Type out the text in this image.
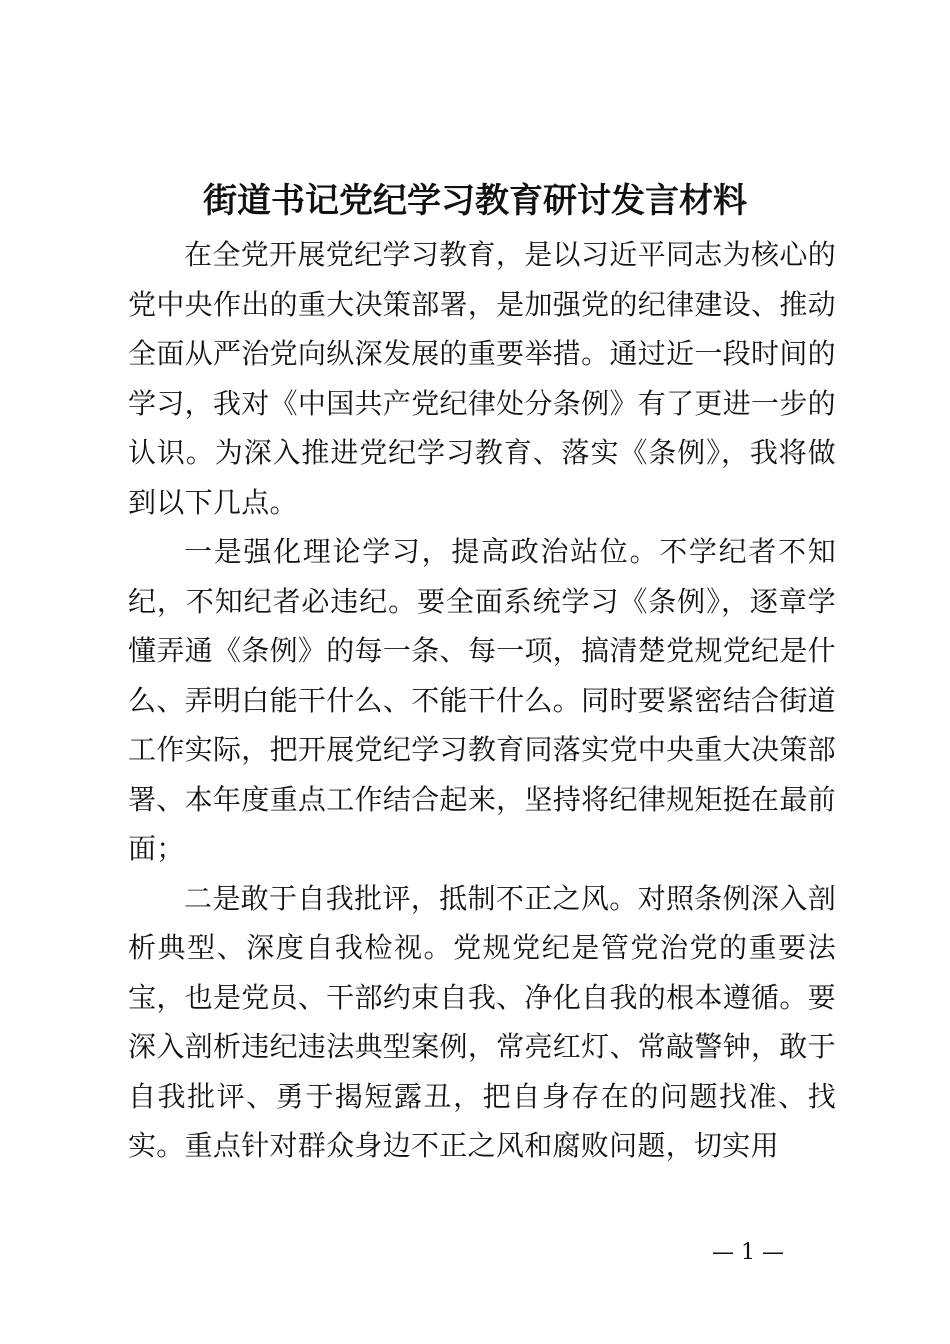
街道书记党纪学习教育研讨发言材料

在全党开展党纪学习教育，是以习近平同志为核心的党中央作出的重大决策部署，是加强党的纪律建设、推动全面从严治党向纵深发展的重要举措。通过近一段时间的学习，我对《中国共产党纪律处分条例》有了更进一步的认识。为深入推进党纪学习教育、落实《条例》，我将做到以下几点。

一是强化理论学习，提高政治站位。不学纪者不知纪，不知纪者必违纪。要全面系统学习《条例》，逐章学懂弄通《条例》的每一条、每一项，搞清楚党规党纪是什么、弄明白能干什么、不能干什么。同时要紧密结合街道工作实际，把开展党纪学习教育同落实党中央重大决策部署、本年度重点工作结合起来，坚持将纪律规矩挺在最前面；

二是敢于自我批评，抵制不正之风。对照条例深入剖析典型、深度自我检视。党规党纪是管党治党的重要法宝，也是党员、干部约束自我、净化自我的根本遵循。要深入剖析违纪违法典型案例，常亮红灯、常敲警钟，敢于自我批评、勇于揭短露丑，把自身存在的问题找准、找实。重点针对群众身边不正之风和腐败问题，切实用

— 1 —
